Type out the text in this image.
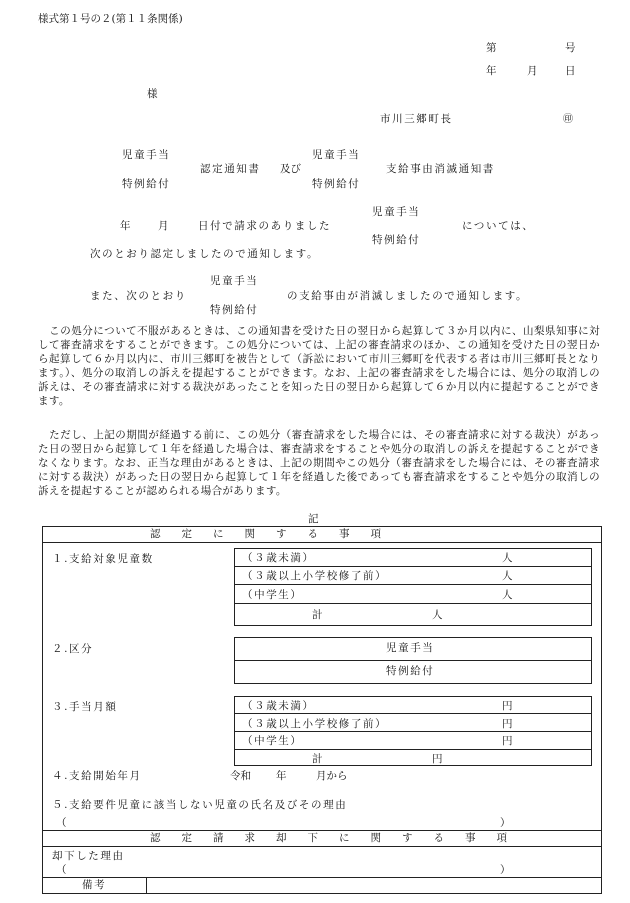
様式第１号の２(第１１条関係)
第	号
年	月	日
様
市川三郷町長	㊞
児童手当
特例給付
認定通知書 及び
児童手当
特例給付
支給事由消滅通知書
年	月	日付で請求のありました
児童手当
特例給付
については、
次のとおり認定しましたので通知します。
児童手当
また、次のとおり
特例給付
の支給事由が消滅しましたので通知します。
この処分について不服があるときは、この通知書を受けた日の翌日から起算して３か月以内に、山梨県知事に対して審査請求をすることができます。この処分については、上記の審査請求のほか、この通知を受けた日の翌日から起算して６か月以内に、市川三郷町を被告として（訴訟において市川三郷町を代表する者は市川三郷町長となります。）、処分の取消しの訴えを提起することができます。なお、上記の審査請求をした場合には、処分の取消しの訴えは、その審査請求に対する裁決があったことを知った日の翌日から起算して６か月以内に提起することができます。
ただし、上記の期間が経過する前に、この処分（審査請求をした場合には、その審査請求に対する裁決）があった日の翌日から起算して１年を経過した場合は、審査請求をすることや処分の取消しの訴えを提起することができなくなります。なお、正当な理由があるときは、上記の期間やこの処分（審査請求をした場合には、その審査請求に対する裁決）があった日の翌日から起算して１年を経過した後であっても審査請求をすることや処分の取消しの訴えを提起することが認められる場合があります。
記
認定に関する事項
１.支給対象児童数	（３歳未満）	人
（３歳以上小学校修了前）	人
（中学生）	人
計	人
２.区分	児童手当
特例給付
３.手当月額	（３歳未満）	円
（３歳以上小学校修了前）	円
（中学生）	円
計	円
４.支給開始年月	令和 年	月から
５.支給要件児童に該当しない児童の氏名及びその理由
（	）
認定請求却下に関する事項
却下した理由
（	）
備考
